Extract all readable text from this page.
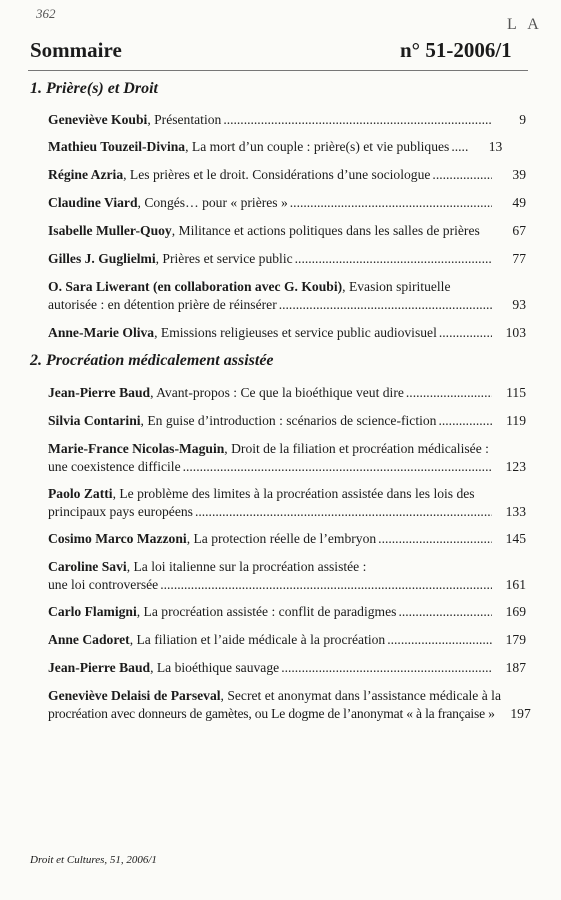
362
L A
Sommaire	n° 51-2006/1
1. Prière(s) et Droit
Geneviève Koubi, Présentation .....	9
Mathieu Touzeil-Divina, La mort d’un couple : prière(s) et vie publiques .....	13
Régine Azria, Les prières et le droit. Considérations d’une sociologue .....	39
Claudine Viard, Congés… pour « prières » .....	49
Isabelle Muller-Quoy, Militance et actions politiques dans les salles de prières	67
Gilles J. Guglielmi, Prières et service public .....	77
O. Sara Liwerant (en collaboration avec G. Koubi), Evasion spirituelle
autorisée : en détention prière de réinsérer .....	93
Anne-Marie Oliva, Emissions religieuses et service public audiovisuel .....	103
2. Procréation médicalement assistée
Jean-Pierre Baud, Avant-propos : Ce que la bioéthique veut dire .....	115
Silvia Contarini, En guise d’introduction : scénarios de science-fiction .....	119
Marie-France Nicolas-Maguin, Droit de la filiation et procréation médicalisée :
une coexistence difficile .....	123
Paolo Zatti, Le problème des limites à la procréation assistée dans les lois des
principaux pays européens .....	133
Cosimo Marco Mazzoni, La protection réelle de l’embryon .....	145
Caroline Savi, La loi italienne sur la procréation assistée :
une loi controversée .....	161
Carlo Flamigni, La procréation assistée : conflit de paradigmes .....	169
Anne Cadoret, La filiation et l’aide médicale à la procréation .....	179
Jean-Pierre Baud, La bioéthique sauvage .....	187
Geneviève Delaisi de Parseval, Secret et anonymat dans l’assistance médicale à la
procréation avec donneurs de gamètes, ou Le dogme de l’anonymat « à la française »	197
Droit et Cultures, 51, 2006/1
